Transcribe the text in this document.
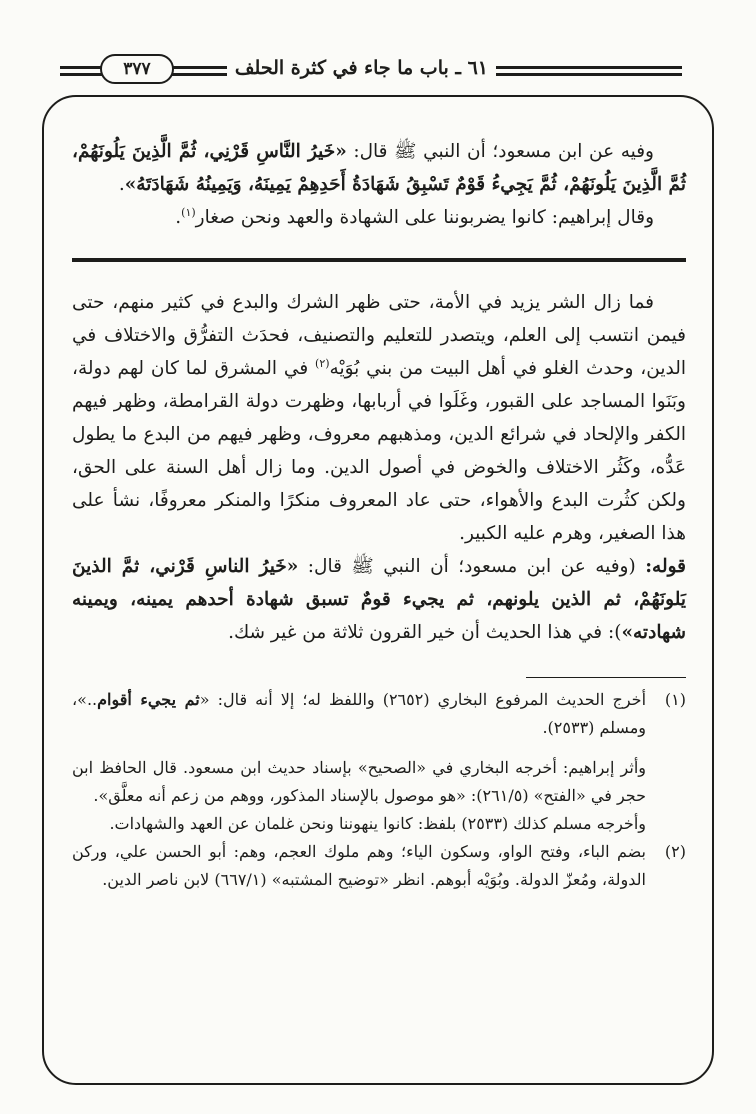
٦١ ـ باب ما جاء في كثرة الحلف
٣٧٧

وفيه عن ابن مسعود؛ أن النبي ﷺ قال: «خَيرُ النَّاسِ قَرْنِي، ثُمَّ الَّذِينَ يَلُونَهُمْ، ثُمَّ الَّذِينَ يَلُونَهُمْ، ثُمَّ يَجِيءُ قَوْمٌ تَسْبِقُ شَهَادَةُ أَحَدِهِمْ يَمِينَهُ، وَيَمِينُهُ شَهَادَتَهُ».

وقال إبراهيم: كانوا يضربوننا على الشهادة والعهد ونحن صغار$^{(١)}$.

فما زال الشر يزيد في الأمة، حتى ظهر الشرك والبدع في كثير منهم، حتى فيمن انتسب إلى العلم، ويتصدر للتعليم والتصنيف، فحدَث التفرُّق والاختلاف في الدين، وحدث الغلو في أهل البيت من بني بُوَيْه$^{(٢)}$ في المشرق لما كان لهم دولة، وبَنَوا المساجد على القبور، وغَلَوا في أربابها، وظهرت دولة القرامطة، وظهر فيهم الكفر والإلحاد في شرائع الدين، ومذهبهم معروف، وظهر فيهم من البدع ما يطول عَدُّه، وكَثُر الاختلاف والخوض في أصول الدين. وما زال أهل السنة على الحق، ولكن كثُرت البدع والأهواء، حتى عاد المعروف منكرًا والمنكر معروفًا، نشأ على هذا الصغير، وهرم عليه الكبير.

قوله: (وفيه عن ابن مسعود؛ أن النبي ﷺ قال: «خَيرُ الناسِ قَرْني، ثمَّ الذينَ يَلونَهُمْ، ثم الذين يلونهم، ثم يجيء قومٌ تسبق شهادة أحدهم يمينه، ويمينه شهادته»): في هذا الحديث أن خير القرون ثلاثة من غير شك.

(١)

أخرج الحديث المرفوع البخاري (٢٦٥٢) واللفظ له؛ إلا أنه قال: «ثم يجيء أقوام..»، ومسلم (٢٥٣٣).

وأثر إبراهيم: أخرجه البخاري في «الصحيح» بإسناد حديث ابن مسعود. قال الحافظ ابن حجر في «الفتح» (٢٦١/٥): «هو موصول بالإسناد المذكور، ووهم من زعم أنه معلَّق».

وأخرجه مسلم كذلك (٢٥٣٣) بلفظ: كانوا ينهوننا ونحن غلمان عن العهد والشهادات.

(٢)
بضم الباء، وفتح الواو، وسكون الياء؛ وهم ملوك العجم، وهم: أبو الحسن علي، وركن الدولة، ومُعزّ الدولة. وبُوَيْه أبوهم. انظر «توضيح المشتبه» (٦٦٧/١) لابن ناصر الدين.
